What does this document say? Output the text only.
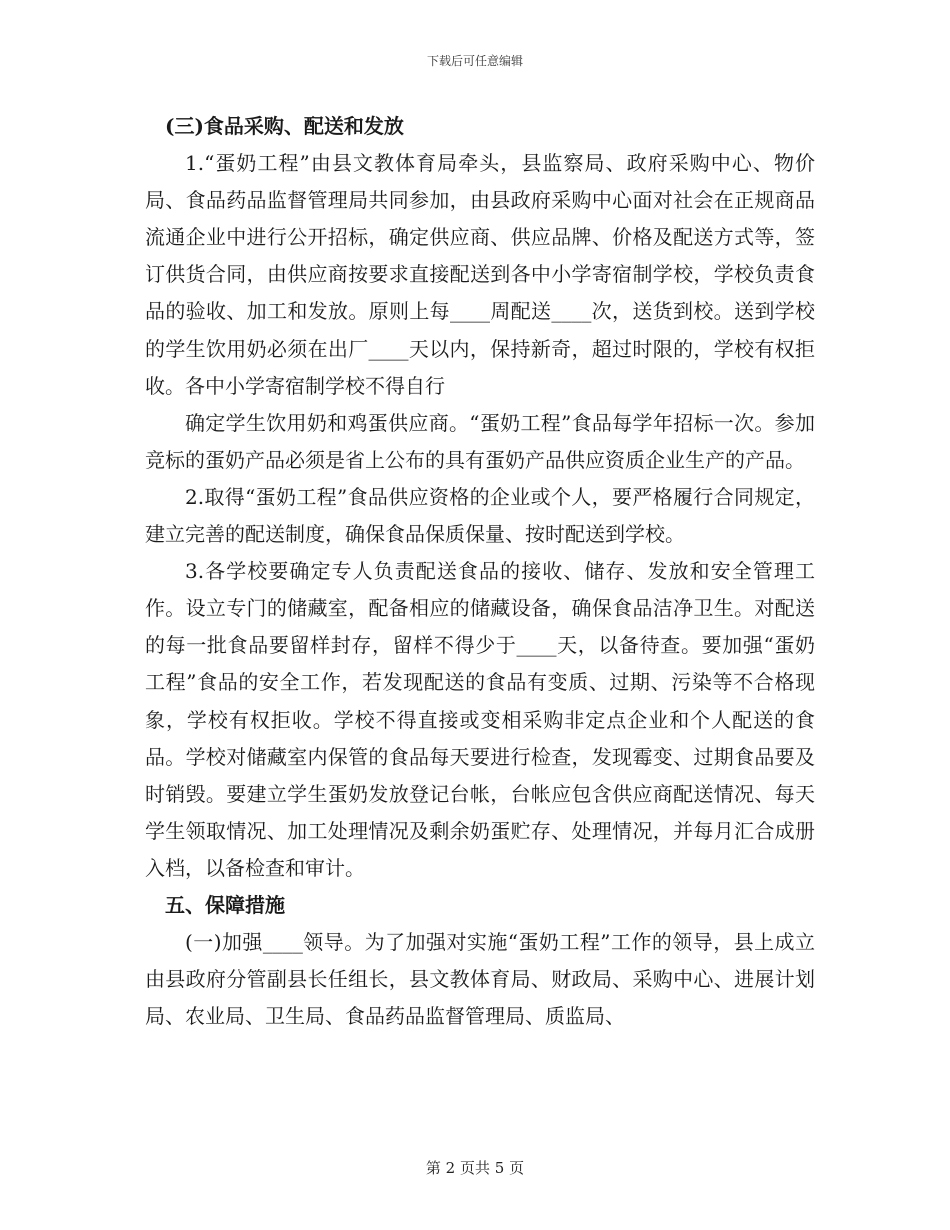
下载后可任意编辑

(三)食品采购、配送和发放

1.“蛋奶工程”由县文教体育局牵头，县监察局、政府采购中心、物价局、食品药品监督管理局共同参加，由县政府采购中心面对社会在正规商品流通企业中进行公开招标，确定供应商、供应品牌、价格及配送方式等，签订供货合同，由供应商按要求直接配送到各中小学寄宿制学校，学校负责食品的验收、加工和发放。原则上每____周配送____次，送货到校。送到学校的学生饮用奶必须在出厂____天以内，保持新奇，超过时限的，学校有权拒收。各中小学寄宿制学校不得自行

确定学生饮用奶和鸡蛋供应商。“蛋奶工程”食品每学年招标一次。参加竞标的蛋奶产品必须是省上公布的具有蛋奶产品供应资质企业生产的产品。

2.取得“蛋奶工程”食品供应资格的企业或个人，要严格履行合同规定，建立完善的配送制度，确保食品保质保量、按时配送到学校。

3.各学校要确定专人负责配送食品的接收、储存、发放和安全管理工作。设立专门的储藏室，配备相应的储藏设备，确保食品洁净卫生。对配送的每一批食品要留样封存，留样不得少于____天，以备待查。要加强“蛋奶工程”食品的安全工作，若发现配送的食品有变质、过期、污染等不合格现象，学校有权拒收。学校不得直接或变相采购非定点企业和个人配送的食品。学校对储藏室内保管的食品每天要进行检查，发现霉变、过期食品要及时销毁。要建立学生蛋奶发放登记台帐，台帐应包含供应商配送情况、每天学生领取情况、加工处理情况及剩余奶蛋贮存、处理情况，并每月汇合成册入档，以备检查和审计。

五、保障措施

(一)加强____领导。为了加强对实施“蛋奶工程”工作的领导，县上成立由县政府分管副县长任组长，县文教体育局、财政局、采购中心、进展计划局、农业局、卫生局、食品药品监督管理局、质监局、

第 2 页共 5 页
